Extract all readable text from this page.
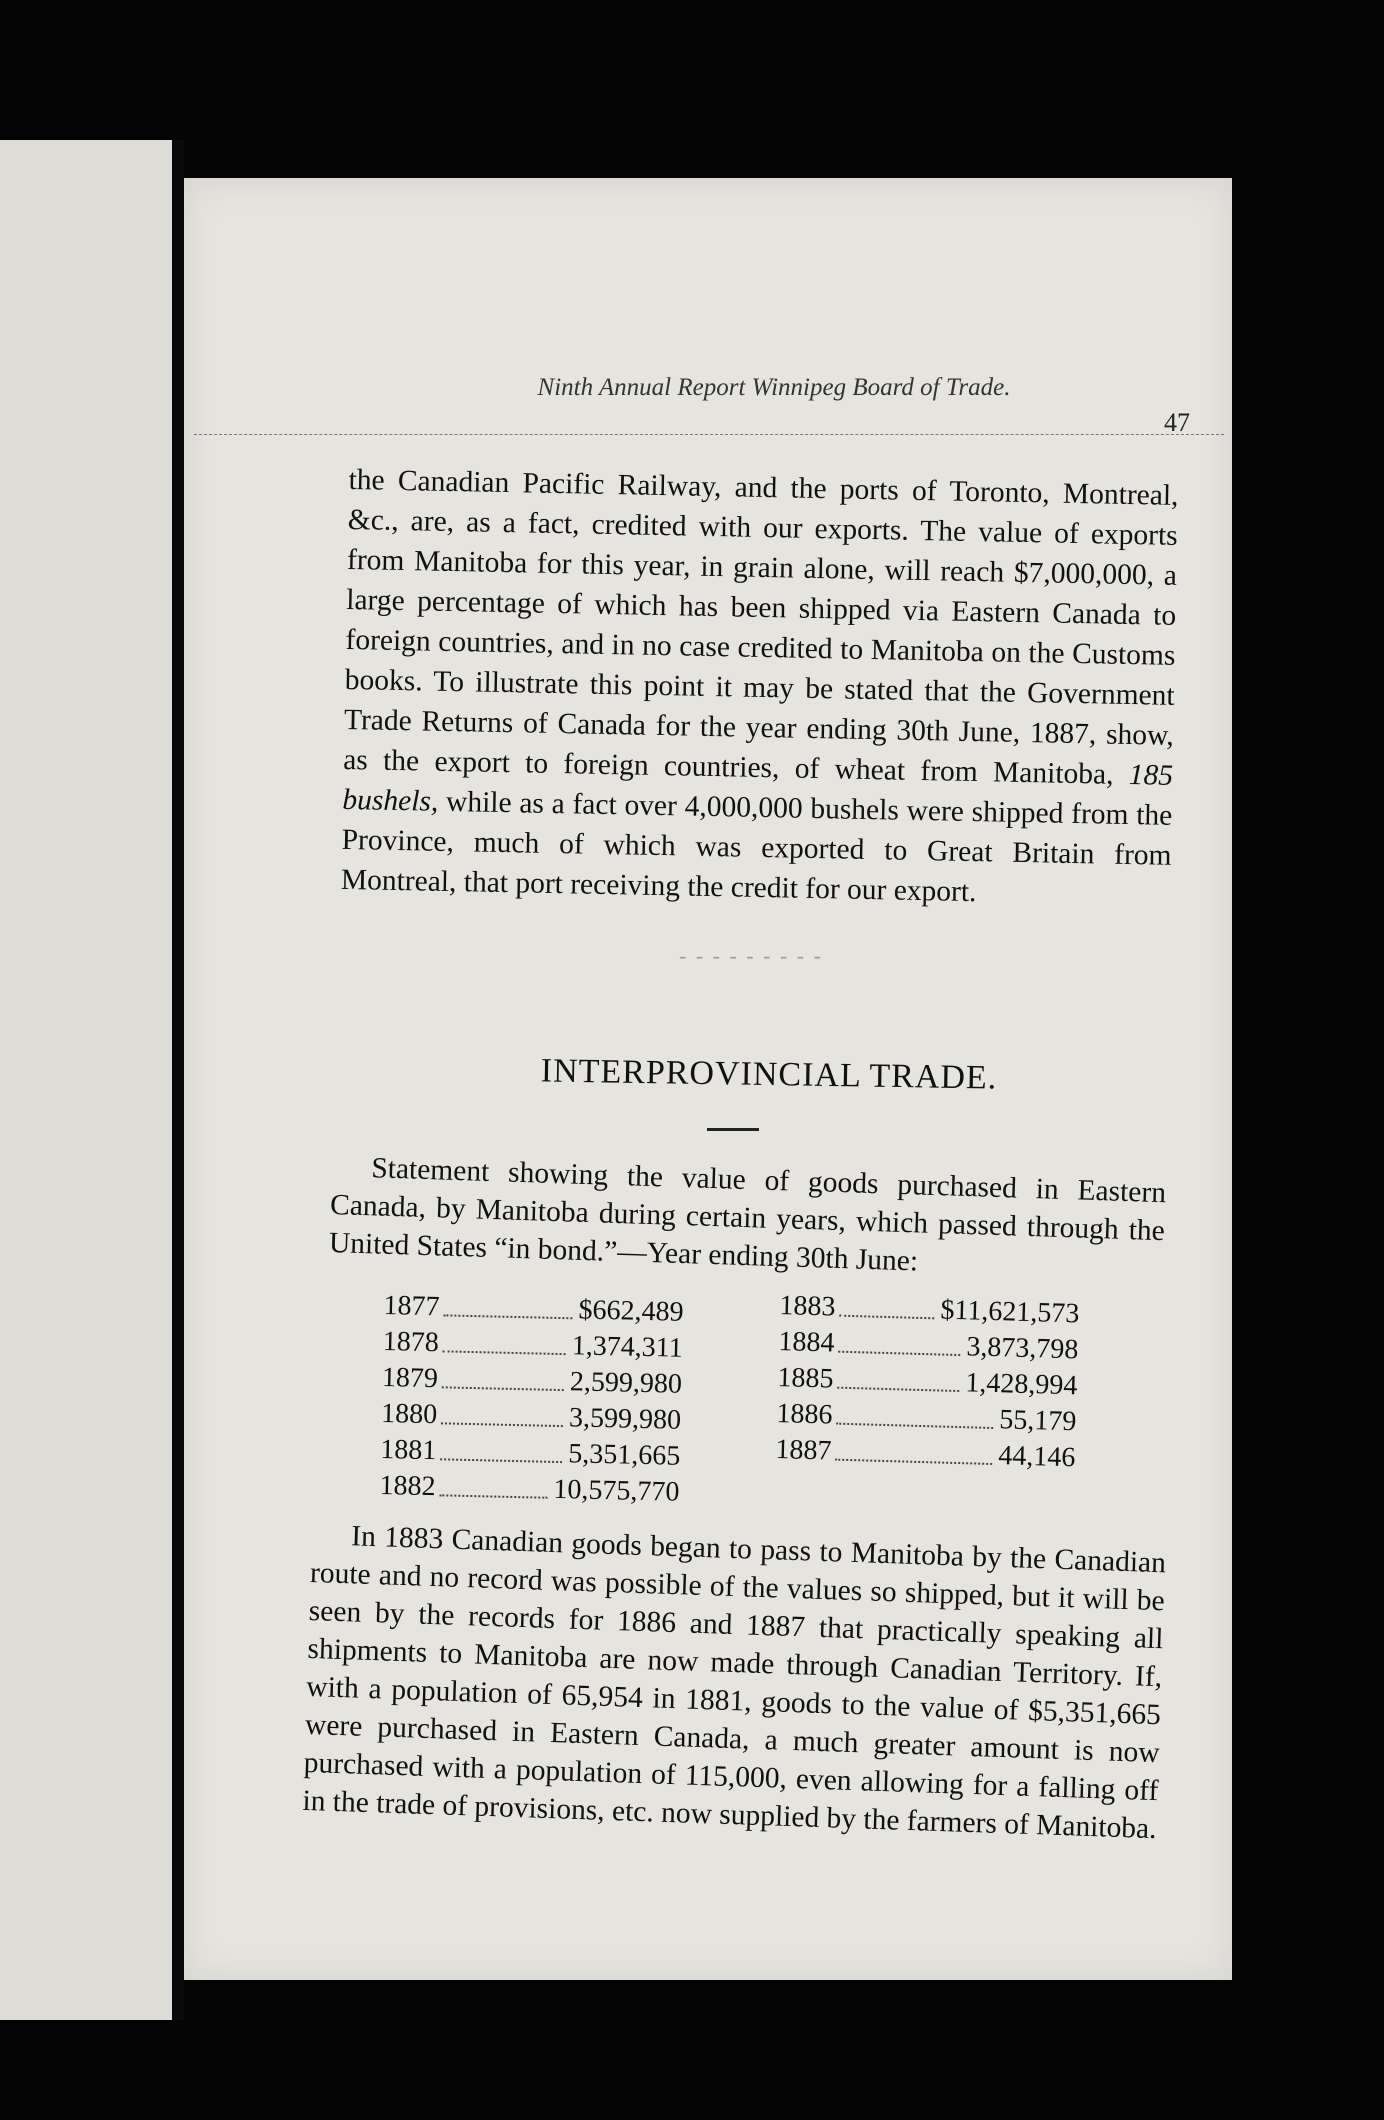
Ninth Annual Report Winnipeg Board of Trade.
47
the Canadian Pacific Railway, and the ports of Toronto, Montreal, &c., are, as a fact, credited with our exports. The value of exports from Manitoba for this year, in grain alone, will reach $7,000,000, a large percentage of which has been shipped via Eastern Canada to foreign countries, and in no case credited to Manitoba on the Customs books. To illustrate this point it may be stated that the Government Trade Returns of Canada for the year ending 30th June, 1887, show, as the export to foreign countries, of wheat from Manitoba, 185 bushels, while as a fact over 4,000,000 bushels were shipped from the Province, much of which was exported to Great Britain from Montreal, that port receiving the credit for our export.
- - - - - - - - -
INTERPROVINCIAL TRADE.
Statement showing the value of goods purchased in Eastern Canada, by Manitoba during certain years, which passed through the United States “in bond.”—Year ending 30th June:
1877	$662,489
1878	1,374,311
1879	2,599,980
1880	3,599,980
1881	5,351,665
1882	10,575,770
1883	$11,621,573
1884	3,873,798
1885	1,428,994
1886	55,179
1887	44,146
In 1883 Canadian goods began to pass to Manitoba by the Canadian route and no record was possible of the values so shipped, but it will be seen by the records for 1886 and 1887 that practically speaking all shipments to Manitoba are now made through Canadian Territory. If, with a population of 65,954 in 1881, goods to the value of $5,351,665 were purchased in Eastern Canada, a much greater amount is now purchased with a population of 115,000, even allowing for a falling off in the trade of provisions, etc. now supplied by the farmers of Manitoba.
